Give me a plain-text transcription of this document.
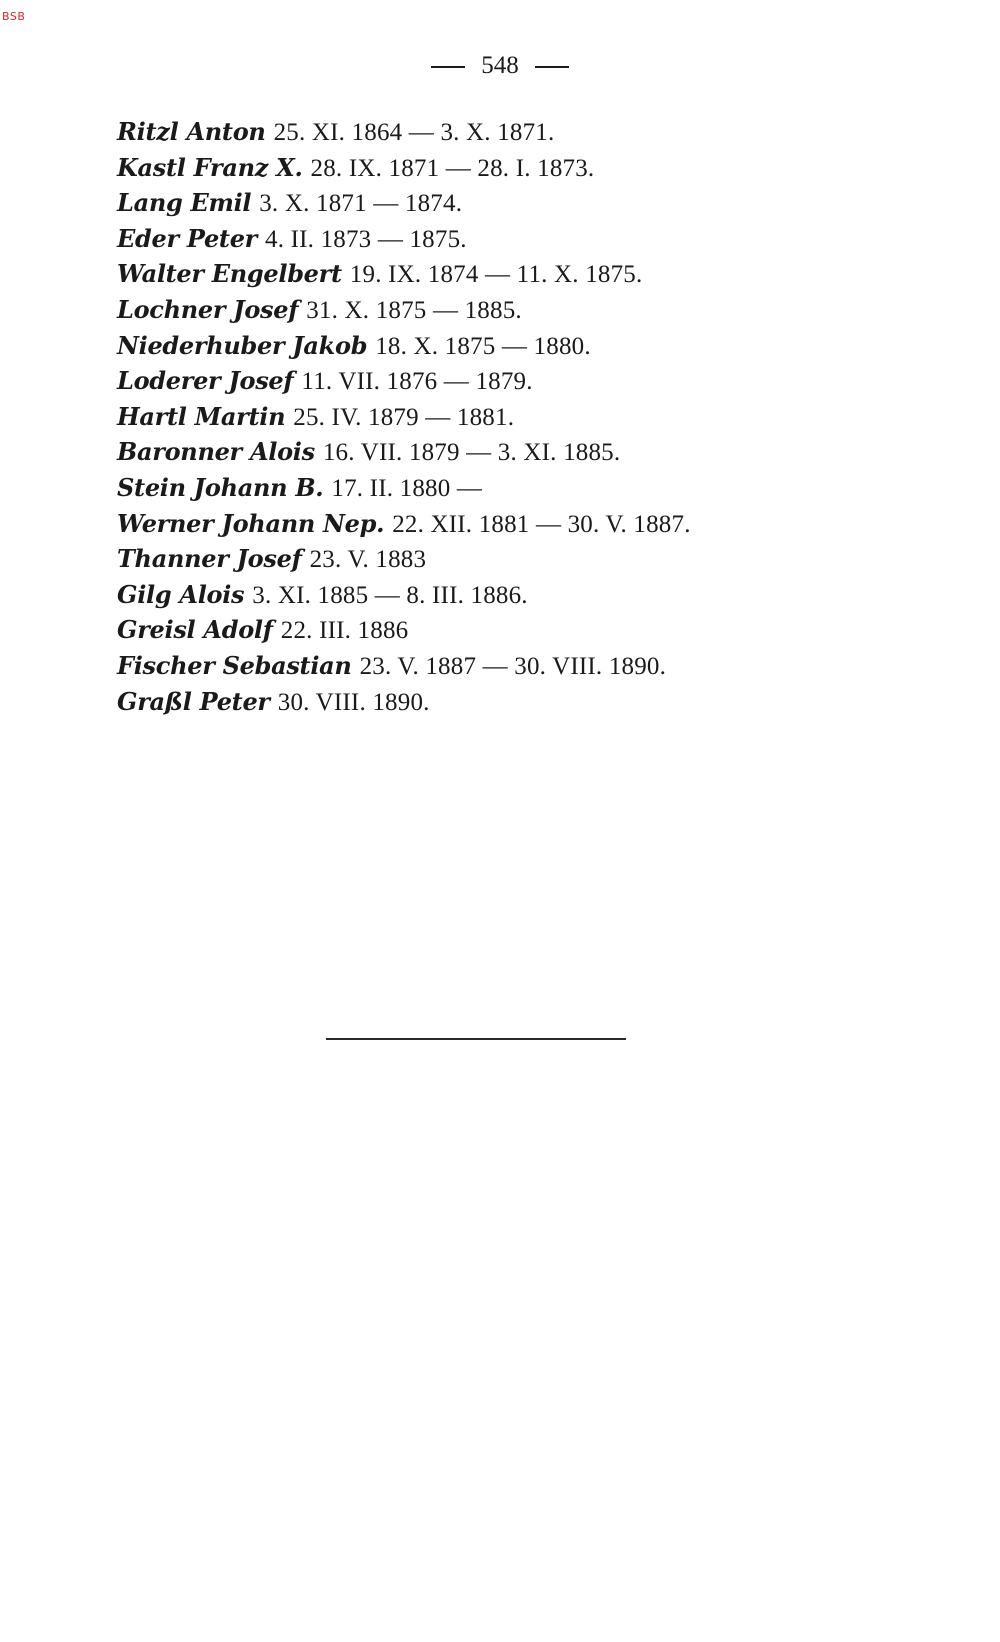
BSB
548
Ritzl Anton 25. XI. 1864 — 3. X. 1871.
Kastl Franz X. 28. IX. 1871 — 28. I. 1873.
Lang Emil 3. X. 1871 — 1874.
Eder Peter 4. II. 1873 — 1875.
Walter Engelbert 19. IX. 1874 — 11. X. 1875.
Lochner Josef 31. X. 1875 — 1885.
Niederhuber Jakob 18. X. 1875 — 1880.
Loderer Josef 11. VII. 1876 — 1879.
Hartl Martin 25. IV. 1879 — 1881.
Baronner Alois 16. VII. 1879 — 3. XI. 1885.
Stein Johann B. 17. II. 1880 —
Werner Johann Nep. 22. XII. 1881 — 30. V. 1887.
Thanner Josef 23. V. 1883
Gilg Alois 3. XI. 1885 — 8. III. 1886.
Greisl Adolf 22. III. 1886
Fischer Sebastian 23. V. 1887 — 30. VIII. 1890.
Graßl Peter 30. VIII. 1890.
